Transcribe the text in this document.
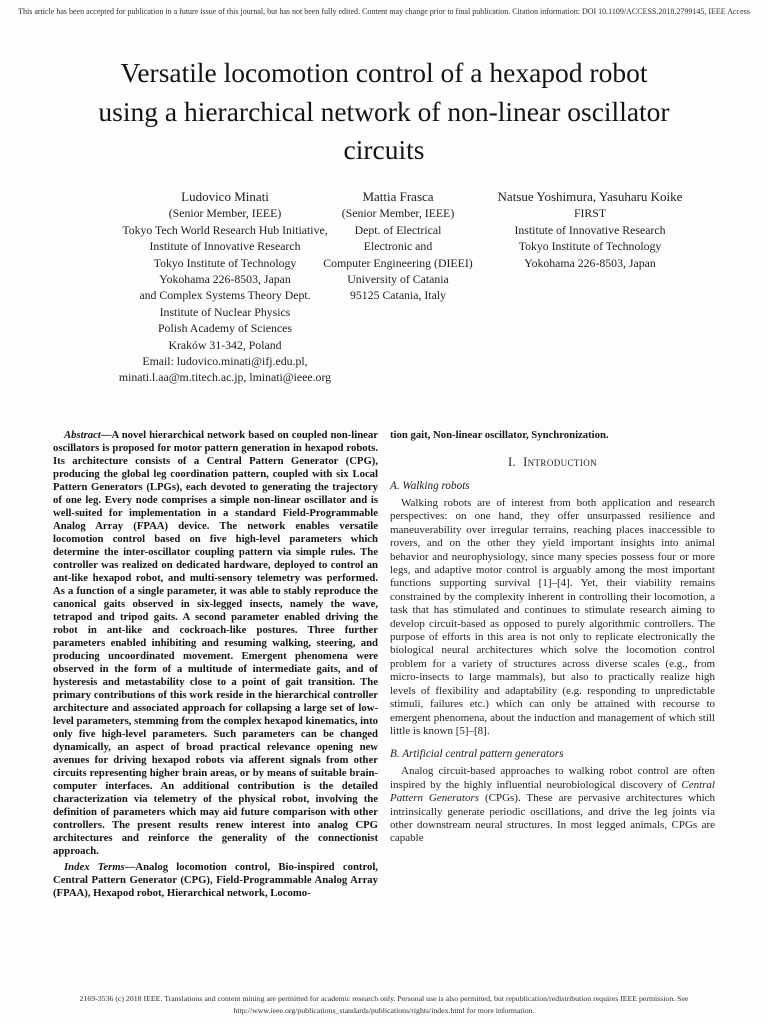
This article has been accepted for publication in a future issue of this journal, but has not been fully edited. Content may change prior to final publication. Citation information: DOI 10.1109/ACCESS.2018.2799145, IEEE Access
Versatile locomotion control of a hexapod robot
using a hierarchical network of non-linear oscillator
circuits
Ludovico Minati
(Senior Member, IEEE)
Tokyo Tech World Research Hub Initiative,
Institute of Innovative Research
Tokyo Institute of Technology
Yokohama 226-8503, Japan
and Complex Systems Theory Dept.
Institute of Nuclear Physics
Polish Academy of Sciences
Kraków 31-342, Poland
Email: ludovico.minati@ifj.edu.pl,
minati.l.aa@m.titech.ac.jp, lminati@ieee.org
Mattia Frasca
(Senior Member, IEEE)
Dept. of Electrical
Electronic and
Computer Engineering (DIEEI)
University of Catania
95125 Catania, Italy
Natsue Yoshimura, Yasuharu Koike
FIRST
Institute of Innovative Research
Tokyo Institute of Technology
Yokohama 226-8503, Japan

Abstract—A novel hierarchical network based on coupled non-linear oscillators is proposed for motor pattern generation in hexapod robots. Its architecture consists of a Central Pattern Generator (CPG), producing the global leg coordination pattern, coupled with six Local Pattern Generators (LPGs), each devoted to generating the trajectory of one leg. Every node comprises a simple non-linear oscillator and is well-suited for implementation in a standard Field-Programmable Analog Array (FPAA) device. The network enables versatile locomotion control based on five high-level parameters which determine the inter-oscillator coupling pattern via simple rules. The controller was realized on dedicated hardware, deployed to control an ant-like hexapod robot, and multi-sensory telemetry was performed. As a function of a single parameter, it was able to stably reproduce the canonical gaits observed in six-legged insects, namely the wave, tetrapod and tripod gaits. A second parameter enabled driving the robot in ant-like and cockroach-like postures. Three further parameters enabled inhibiting and resuming walking, steering, and producing uncoordinated movement. Emergent phenomena were observed in the form of a multitude of intermediate gaits, and of hysteresis and metastability close to a point of gait transition. The primary contributions of this work reside in the hierarchical controller architecture and associated approach for collapsing a large set of low-level parameters, stemming from the complex hexapod kinematics, into only five high-level parameters. Such parameters can be changed dynamically, an aspect of broad practical relevance opening new avenues for driving hexapod robots via afferent signals from other circuits representing higher brain areas, or by means of suitable brain-computer interfaces. An additional contribution is the detailed characterization via telemetry of the physical robot, involving the definition of parameters which may aid future comparison with other controllers. The present results renew interest into analog CPG architectures and reinforce the generality of the connectionist approach.

Index Terms—Analog locomotion control, Bio-inspired control, Central Pattern Generator (CPG), Field-Programmable Analog Array (FPAA), Hexapod robot, Hierarchical network, Locomo-

tion gait, Non-linear oscillator, Synchronization.

I. Introduction
A. Walking robots

Walking robots are of interest from both application and research perspectives: on one hand, they offer unsurpassed resilience and maneuverability over irregular terrains, reaching places inaccessible to rovers, and on the other they yield important insights into animal behavior and neurophysiology, since many species possess four or more legs, and adaptive motor control is arguably among the most important functions supporting survival [1]–[4]. Yet, their viability remains constrained by the complexity inherent in controlling their locomotion, a task that has stimulated and continues to stimulate research aiming to develop circuit-based as opposed to purely algorithmic controllers. The purpose of efforts in this area is not only to replicate electronically the biological neural architectures which solve the locomotion control problem for a variety of structures across diverse scales (e.g., from micro-insects to large mammals), but also to practically realize high levels of flexibility and adaptability (e.g. responding to unpredictable stimuli, failures etc.) which can only be attained with recourse to emergent phenomena, about the induction and management of which still little is known [5]–[8].

B. Artificial central pattern generators

Analog circuit-based approaches to walking robot control are often inspired by the highly influential neurobiological discovery of Central Pattern Generators (CPGs). These are pervasive architectures which intrinsically generate periodic oscillations, and drive the leg joints via other downstream neural structures. In most legged animals, CPGs are capable

2169-3536 (c) 2018 IEEE. Translations and content mining are permitted for academic research only. Personal use is also permitted, but republication/redistribution requires IEEE permission. See
http://www.ieee.org/publications_standards/publications/rights/index.html for more information.
